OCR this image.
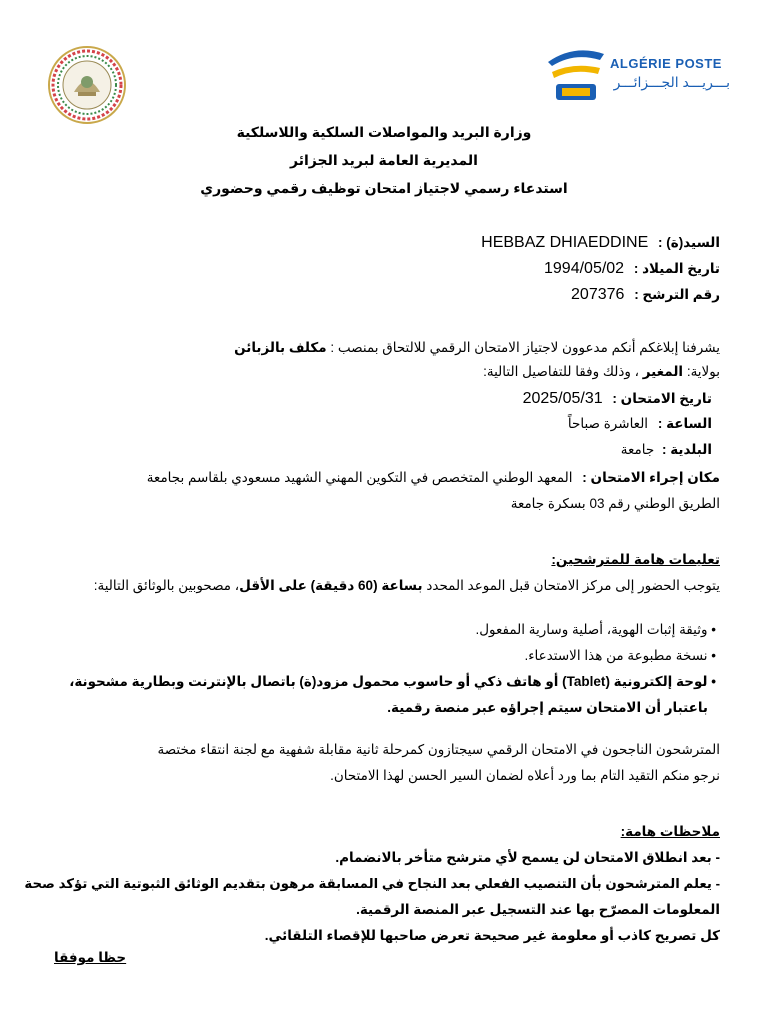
ALGÉRIE POSTE
بـــريـــد الجـــزائـــر
وزارة البريد والمواصلات السلكية واللاسلكية
المديرية العامة لبريد الجزائر
استدعاء رسمي لاجتياز امتحان توظيف رقمي وحضوري
السيد(ة) : HEBBAZ DHIAEDDINE
تاريخ الميلاد : 1994/05/02
رقم الترشح : 207376
يشرفنا إبلاغكم أنكم مدعوون لاجتياز الامتحان الرقمي للالتحاق بمنصب : مكلف بالزبائن
بولاية: المغير ، وذلك وفقا للتفاصيل التالية:
تاريخ الامتحان : 2025/05/31
الساعة : العاشرة صباحاً
البلدية : جامعة
مكان إجراء الامتحان : المعهد الوطني المتخصص في التكوين المهني الشهيد مسعودي بلقاسم بجامعة
الطريق الوطني رقم 03 بسكرة جامعة
تعليمات هامة للمترشحين:
يتوجب الحضور إلى مركز الامتحان قبل الموعد المحدد بساعة (60 دقيقة) على الأقل، مصحوبين بالوثائق التالية:
• وثيقة إثبات الهوية، أصلية وسارية المفعول.
• نسخة مطبوعة من هذا الاستدعاء.
• لوحة إلكترونية (Tablet) أو هاتف ذكي أو حاسوب محمول مزود(ة) باتصال بالإنترنت وبطارية مشحونة،
باعتبار أن الامتحان سيتم إجراؤه عبر منصة رقمية.
المترشحون الناجحون في الامتحان الرقمي سيجتازون كمرحلة ثانية مقابلة شفهية مع لجنة انتقاء مختصة
نرجو منكم التقيد التام بما ورد أعلاه لضمان السير الحسن لهذا الامتحان.
ملاحظات هامة:
- بعد انطلاق الامتحان لن يسمح لأي مترشح متأخر بالانضمام.
- يعلم المترشحون بأن التنصيب الفعلي بعد النجاح في المسابقة مرهون بتقديم الوثائق الثبوتية التي تؤكد صحة
المعلومات المصرّح بها عند التسجيل عبر المنصة الرقمية.
كل تصريح كاذب أو معلومة غير صحيحة تعرض صاحبها للإقصاء التلقائي.
حظا موفقا
